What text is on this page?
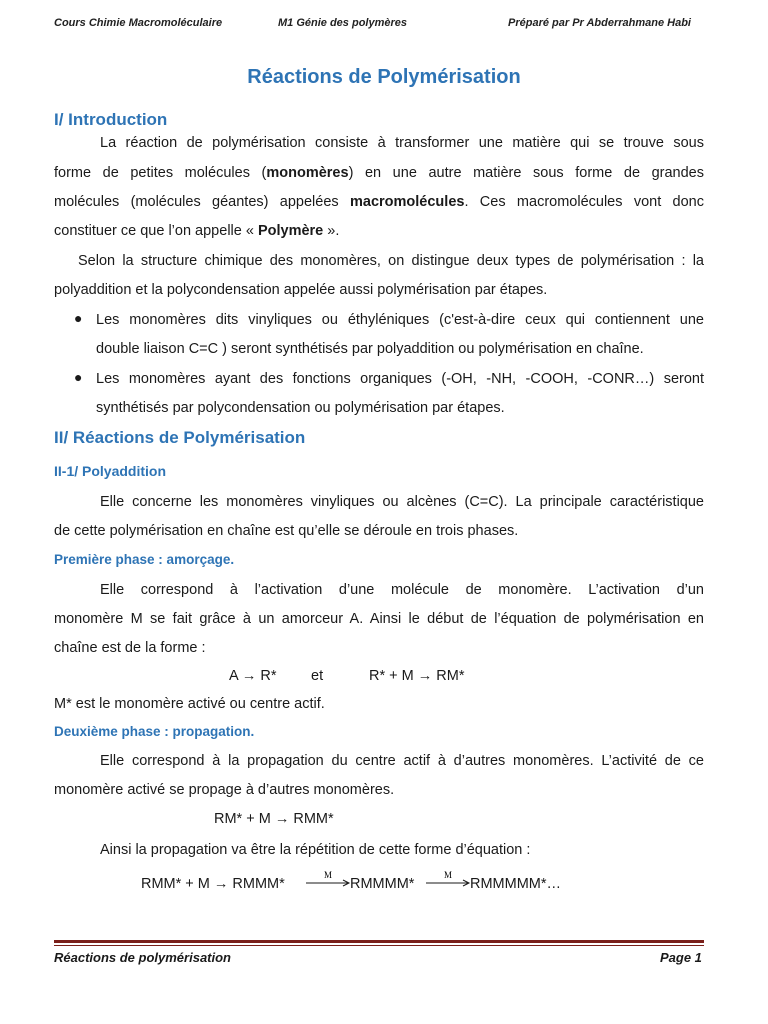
Cours Chimie Macromoléculaire	M1 Génie des polymères	Préparé par Pr Abderrahmane Habi
Réactions de Polymérisation
I/ Introduction
La réaction de polymérisation consiste à transformer une matière qui se trouve sous
forme de petites molécules (monomères) en une autre matière sous forme de grandes
molécules (molécules géantes) appelées macromolécules. Ces macromolécules vont donc
constituer ce que l’on appelle « Polymère ».
Selon la structure chimique des monomères, on distingue deux types de polymérisation : la
polyaddition et la polycondensation appelée aussi polymérisation par étapes.
● Les monomères dits vinyliques ou éthyléniques (c'est-à-dire ceux qui contiennent une
double liaison C=C ) seront synthétisés par polyaddition ou polymérisation en chaîne.
● Les monomères ayant des fonctions organiques (-OH, -NH, -COOH, -CONR…) seront
synthétisés par polycondensation ou polymérisation par étapes.
II/ Réactions de Polymérisation
II-1/ Polyaddition
Elle concerne les monomères vinyliques ou alcènes (C=C). La principale caractéristique
de cette polymérisation en chaîne est qu’elle se déroule en trois phases.
Première phase : amorçage.
Elle correspond à l’activation d’une molécule de monomère. L’activation d’un
monomère M se fait grâce à un amorceur A. Ainsi le début de l’équation de polymérisation en
chaîne est de la forme :
A → R* et	R* + M → RM*
M* est le monomère activé ou centre actif.
Deuxième phase : propagation.
Elle correspond à la propagation du centre actif à d’autres monomères. L’activité de ce
monomère activé se propage à d’autres monomères.
RM* + M → RMM*
Ainsi la propagation va être la répétition de cette forme d’équation :
RMM* + M → RMMM*
M
RMMMM*
M
RMMMMM*…
Réactions de polymérisation	Page 1
